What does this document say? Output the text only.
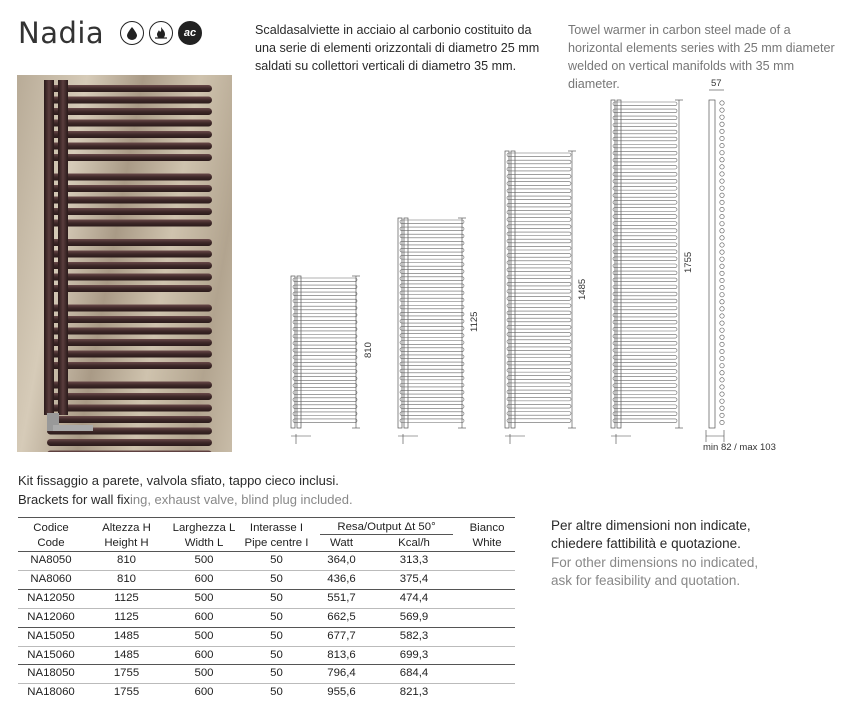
Nadia	ac	Scaldasalviette in acciaio al carbonio costituito da una serie di elementi orizzontali di diametro 25 mm saldati su collettori verticali di diametro 35 mm.
Towel warmer in carbon steel made of a horizontal elements series with 25 mm diameter welded on vertical manifolds with 35 mm diameter.
810
1125
1485
1755
57
min 82 / max 103
Kit fissaggio a parete, valvola sfiato, tappo cieco inclusi.
Brackets for wall fixing, exhaust valve, blind plug included.
Codice	Altezza H	Larghezza L	Interasse I	Resa/Output Δt 50°		Bianco
Code	Height H	Width L	Pipe centre I	Watt	Kcal/h	White
NA8050	810	500	50	364,0	313,3	
NA8060	810	600	50	436,6	375,4	
NA12050	1125	500	50	551,7	474,4	
NA12060	1125	600	50	662,5	569,9	
NA15050	1485	500	50	677,7	582,3	
NA15060	1485	600	50	813,6	699,3	
NA18050	1755	500	50	796,4	684,4	
NA18060	1755	600	50	955,6	821,3	
Per altre dimensioni non indicate,
chiedere fattibilità e quotazione.
For other dimensions no indicated,
ask for feasibility and quotation.
